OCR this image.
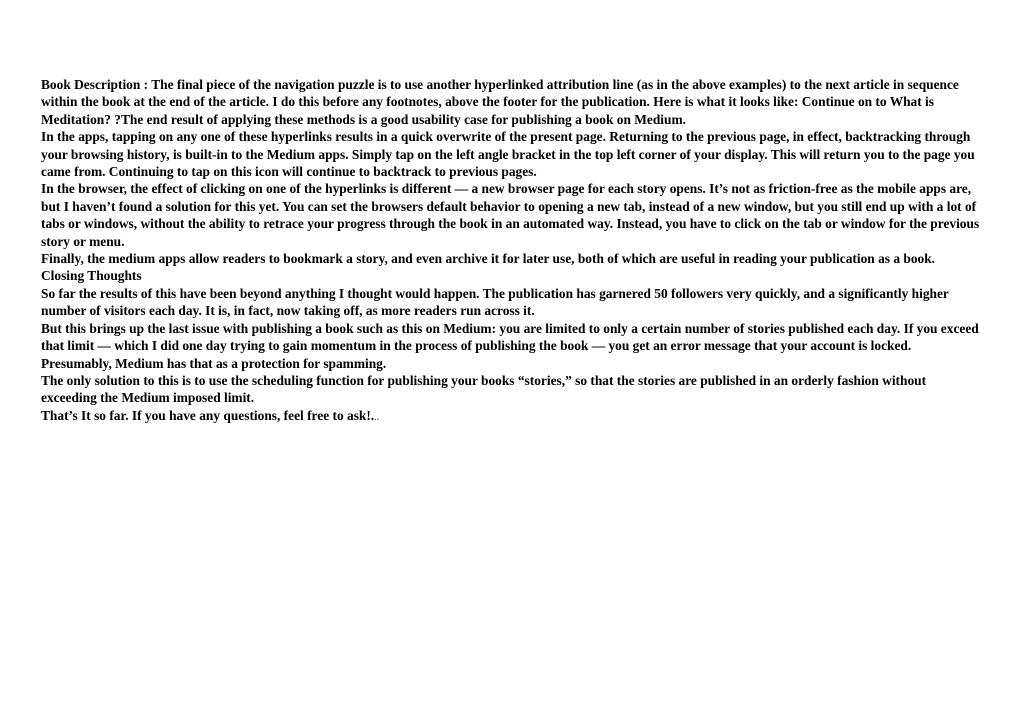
Book Description : The final piece of the navigation puzzle is to use another hyperlinked attribution line (as in the above examples) to the next article in sequence within the book at the end of the article. I do this before any footnotes, above the footer for the publication. Here is what it looks like: Continue on to What is Meditation? ?The end result of applying these methods is a good usability case for publishing a book on Medium.

In the apps, tapping on any one of these hyperlinks results in a quick overwrite of the present page. Returning to the previous page, in effect, backtracking through your browsing history, is built-in to the Medium apps. Simply tap on the left angle bracket in the top left corner of your display. This will return you to the page you came from. Continuing to tap on this icon will continue to backtrack to previous pages.

In the browser, the effect of clicking on one of the hyperlinks is different — a new browser page for each story opens. It’s not as friction-free as the mobile apps are, but I haven’t found a solution for this yet. You can set the browsers default behavior to opening a new tab, instead of a new window, but you still end up with a lot of tabs or windows, without the ability to retrace your progress through the book in an automated way. Instead, you have to click on the tab or window for the previous story or menu.

Finally, the medium apps allow readers to bookmark a story, and even archive it for later use, both of which are useful in reading your publication as a book.

Closing Thoughts

So far the results of this have been beyond anything I thought would happen. The publication has garnered 50 followers very quickly, and a significantly higher number of visitors each day. It is, in fact, now taking off, as more readers run across it.

But this brings up the last issue with publishing a book such as this on Medium: you are limited to only a certain number of stories published each day. If you exceed that limit — which I did one day trying to gain momentum in the process of publishing the book — you get an error message that your account is locked. Presumably, Medium has that as a protection for spamming.

The only solution to this is to use the scheduling function for publishing your books “stories,” so that the stories are published in an orderly fashion without exceeding the Medium imposed limit.

That’s It so far. If you have any questions, feel free to ask!...
